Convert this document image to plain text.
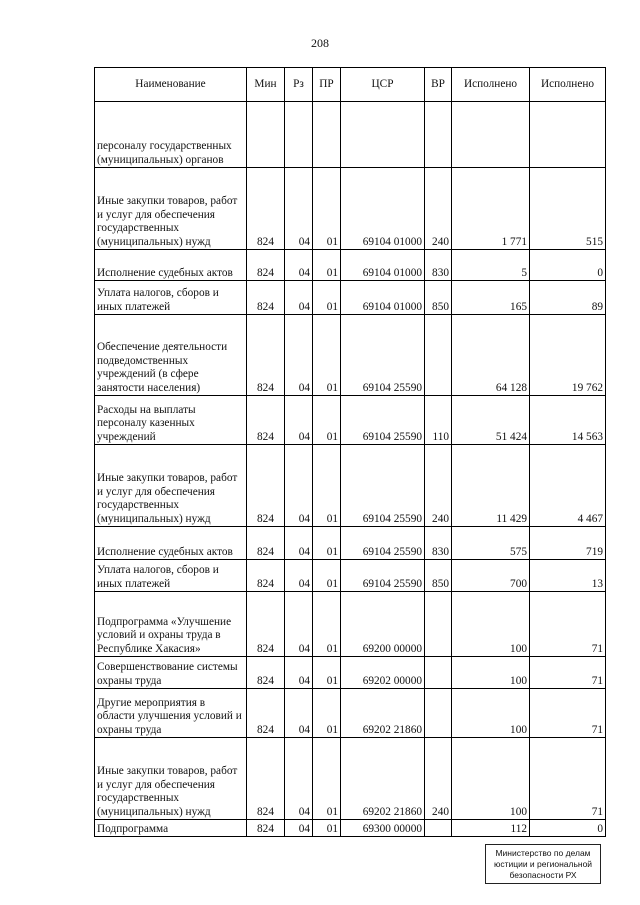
208
Наименование	Мин	Рз	ПР	ЦСР	ВР	Исполнено	Исполнено
персоналу государственных (муниципальных) органов							
Иные закупки товаров, работ и услуг для обеспечения государственных (муниципальных) нужд	824	04	01	69104 01000	240	1 771	515
Исполнение судебных актов	824	04	01	69104 01000	830	5	0
Уплата налогов, сборов и иных платежей	824	04	01	69104 01000	850	165	89
Обеспечение деятельности подведомственных учреждений (в сфере занятости населения)	824	04	01	69104 25590		64 128	19 762
Расходы на выплаты персоналу казенных учреждений	824	04	01	69104 25590	110	51 424	14 563
Иные закупки товаров, работ и услуг для обеспечения государственных (муниципальных) нужд	824	04	01	69104 25590	240	11 429	4 467
Исполнение судебных актов	824	04	01	69104 25590	830	575	719
Уплата налогов, сборов и иных платежей	824	04	01	69104 25590	850	700	13
Подпрограмма «Улучшение условий и охраны труда в Республике Хакасия»	824	04	01	69200 00000		100	71
Совершенствование системы охраны труда	824	04	01	69202 00000		100	71
Другие мероприятия в области улучшения условий и охраны труда	824	04	01	69202 21860		100	71
Иные закупки товаров, работ и услуг для обеспечения государственных (муниципальных) нужд	824	04	01	69202 21860	240	100	71
Подпрограмма	824	04	01	69300 00000		112	0
Министерство по делам
юстиции и региональной
безопасности РХ
